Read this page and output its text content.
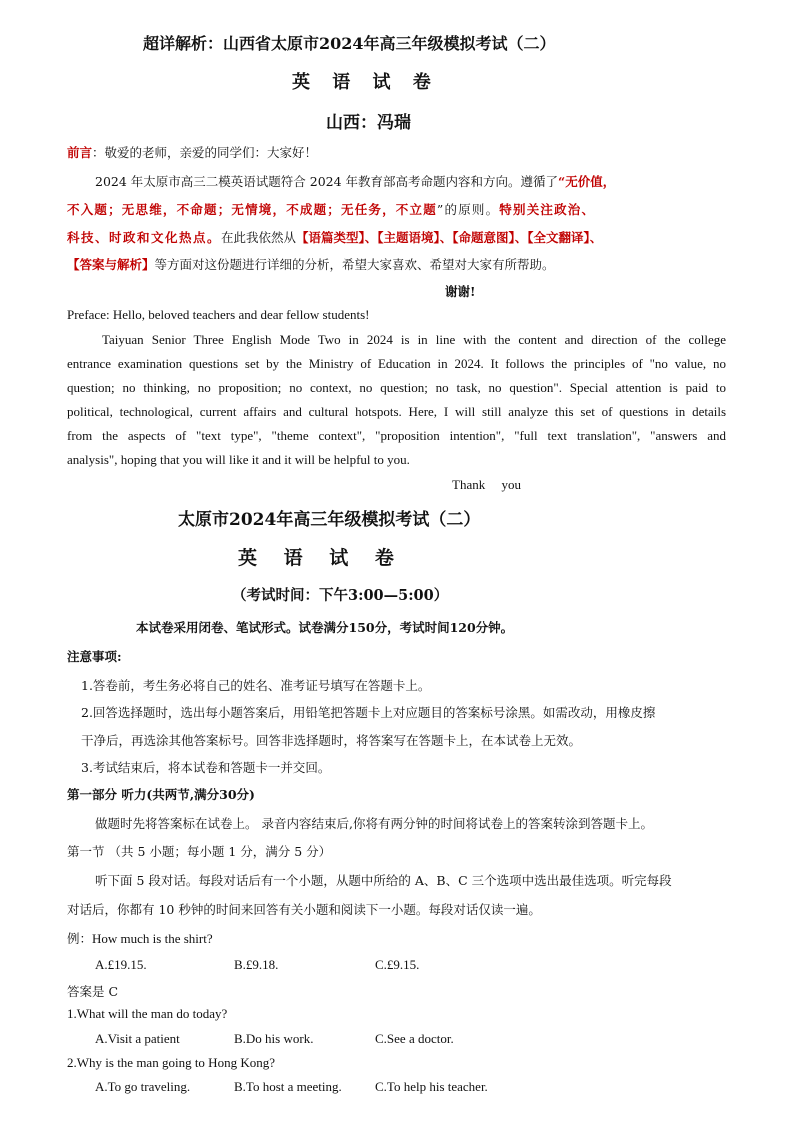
超详解析：山西省太原市2024年高三年级模拟考试（二）
英 语 试 卷
山西：冯瑞
前言：敬爱的老师，亲爱的同学们：大家好！
2024 年太原市高三二模英语试题符合 2024 年教育部高考命题内容和方向。遵循了“无价值，
不入题；无思维，不命题；无情境，不成题；无任务，不立题”的原则。特别关注政治、
科技、时政和文化热点。在此我依然从【语篇类型】、【主题语境】、【命题意图】、【全文翻译】、
【答案与解析】等方面对这份题进行详细的分析，希望大家喜欢、希望对大家有所帮助。
谢谢!
Preface: Hello, beloved teachers and dear fellow students!
Taiyuan Senior Three English Mode Two in 2024 is in line with the content and direction of the college
entrance examination questions set by the Ministry of Education in 2024. It follows the principles of "no value, no
question; no thinking, no proposition; no context, no question; no task, no question". Special attention is paid to
political, technological, current affairs and cultural hotspots. Here, I will still analyze this set of questions in details
from the aspects of "text type", "theme context", "proposition intention", "full text translation", "answers and
analysis", hoping that you will like it and it will be helpful to you.
Thank     you
太原市2024年高三年级模拟考试（二）
英 语 试 卷
（考试时间：下午3:00—5:00）
本试卷采用闭卷、笔试形式。试卷满分150分，考试时间120分钟。
注意事项:
1.答卷前，考生务必将自己的姓名、准考证号填写在答题卡上。
2.回答选择题时，选出每小题答案后，用铅笔把答题卡上对应题目的答案标号涂黑。如需改动，用橡皮擦
干净后，再选涂其他答案标号。回答非选择题时，将答案写在答题卡上，在本试卷上无效。
3.考试结束后，将本试卷和答题卡一并交回。
第一部分 听力(共两节,满分30分)
做题时先将答案标在试卷上。 录音内容结束后,你将有两分钟的时间将试卷上的答案转涂到答题卡上。
第一节 （共 5 小题；每小题 1 分，满分 5 分）
听下面 5 段对话。每段对话后有一个小题，从题中所给的 A、B、C 三个选项中选出最佳选项。听完每段
对话后，你都有 10 秒钟的时间来回答有关小题和阅读下一小题。每段对话仅读一遍。
例：How much is the shirt?
A.£19.15.	B.£9.18.	C.£9.15.
答案是 C
1.What will the man do today?
A.Visit a patient	B.Do his work.	C.See a doctor.
2.Why is the man going to Hong Kong?
A.To go traveling.	B.To host a meeting.	C.To help his teacher.
